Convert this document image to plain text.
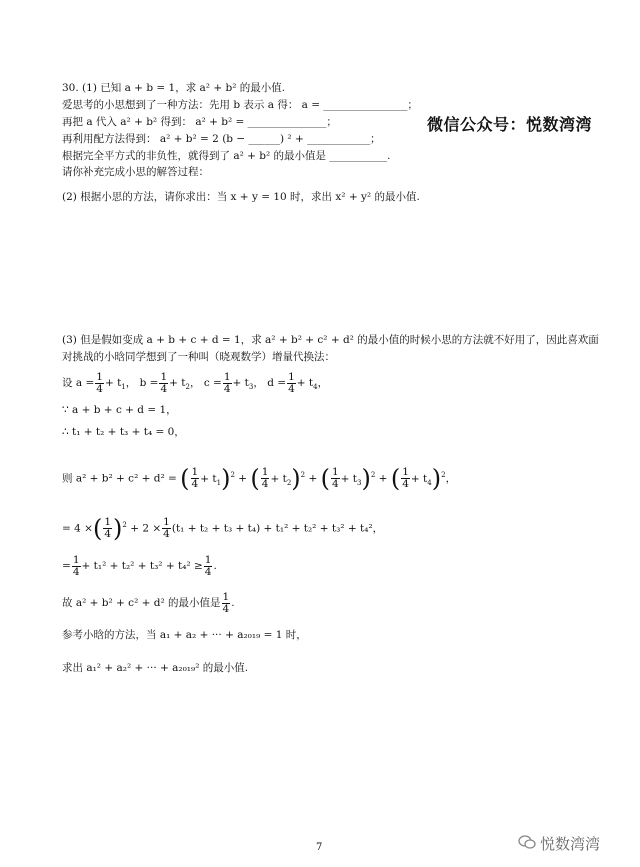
30. (1) 已知 a + b = 1，求 a² + b² 的最小值.
爱思考的小思想到了一种方法：先用 b 表示 a 得： a = ________________；
再把 a 代入 a² + b² 得到： a² + b² = _______________；
再利用配方法得到： a² + b² = 2 (b − ______) ² + ____________；
根据完全平方式的非负性，就得到了 a² + b² 的最小值是 ___________.
请你补充完成小思的解答过程：
微信公众号：悦数湾湾
(2) 根据小思的方法，请你求出：当 x + y = 10 时，求出 x² + y² 的最小值.
(3) 但是假如变成 a + b + c + d = 1，求 a² + b² + c² + d² 的最小值的时候小思的方法就不好用了，因此喜欢面
对挑战的小晗同学想到了一种叫（晓观数学）增量代换法：
设 $a = \frac{1}{4} + t_1$， $b = \frac{1}{4} + t_2$， $c = \frac{1}{4} + t_3$， $d = \frac{1}{4} + t_4$，
∵ a + b + c + d = 1，
∴ t₁ + t₂ + t₃ + t₄ = 0，
则 a² + b² + c² + d² = ( $\frac{1}{4} + t_1)^2$ + ( $\frac{1}{4} + t_2)^2$ + ( $\frac{1}{4} + t_3)^2$ + ( $\frac{1}{4} + t_4)^2$，
= 4 ×( $\frac{1}{4} )^2 + 2 \times \frac{1}{4} (t_1 + t_2 + t_3 + t_4) + t_1^2 + t_2^2 + t_3^2 + t_4^2$，
= $\frac{1}{4} + t_1^2 + t_2^2 + t_3^2 + t_4^2 \ge \frac{1}{4}$ .
故 a² + b² + c² + d² 的最小值是 $\frac{1}{4}$ .
参考小晗的方法，当 a₁ + a₂ + ··· + a₂₀₁₉ = 1 时，
求出 a₁² + a₂² + ··· + a₂₀₁₉² 的最小值.
7	悦数湾湾
